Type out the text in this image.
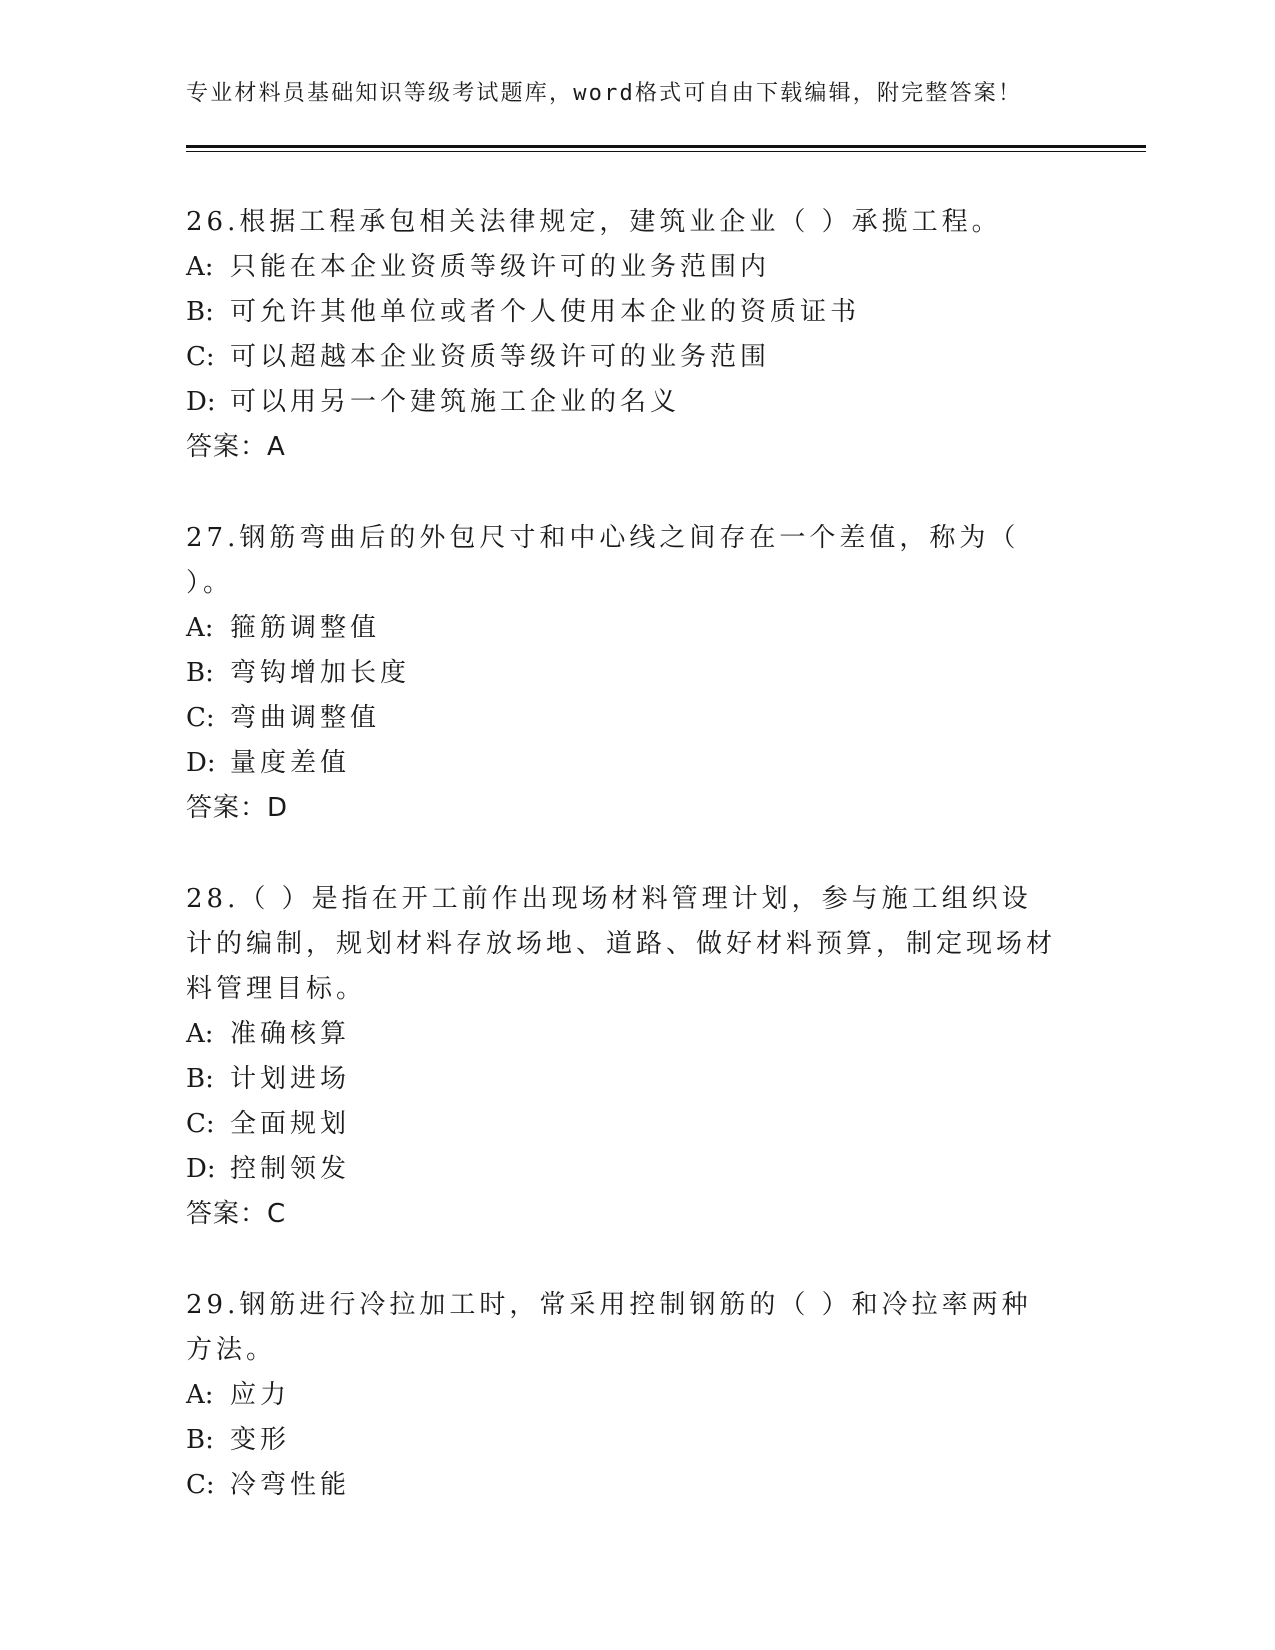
专业材料员基础知识等级考试题库，word格式可自由下载编辑，附完整答案！
26.根据工程承包相关法律规定，建筑业企业（ ）承揽工程。
A: 只能在本企业资质等级许可的业务范围内
B: 可允许其他单位或者个人使用本企业的资质证书
C: 可以超越本企业资质等级许可的业务范围
D: 可以用另一个建筑施工企业的名义
答案：A
27.钢筋弯曲后的外包尺寸和中心线之间存在一个差值，称为（ ）。
A: 箍筋调整值
B: 弯钩增加长度
C: 弯曲调整值
D: 量度差值
答案：D
28.（ ）是指在开工前作出现场材料管理计划，参与施工组织设计的编制，规划材料存放场地、道路、做好材料预算，制定现场材料管理目标。
A: 准确核算
B: 计划进场
C: 全面规划
D: 控制领发
答案：C
29.钢筋进行冷拉加工时，常采用控制钢筋的（ ）和冷拉率两种方法。
A: 应力
B: 变形
C: 冷弯性能
